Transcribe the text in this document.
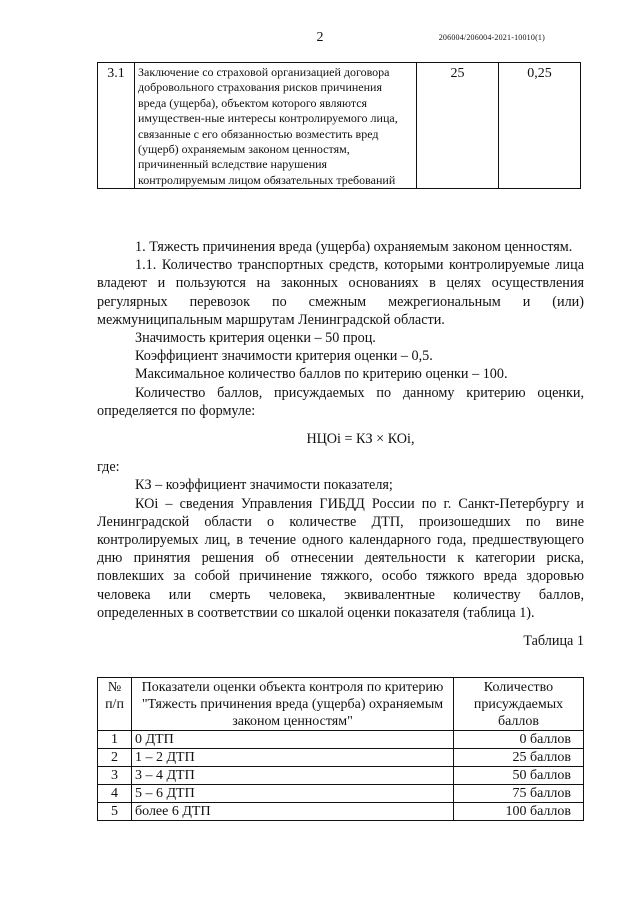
2	206004/206004-2021-10010(1)
3.1	Заключение со страховой организацией договора добровольного страхования рисков причинения вреда (ущерба), объектом которого являются имуществен-ные интересы контролируемого лица, связанные с его обязанностью возместить вред (ущерб) охраняемым законом ценностям, причиненный вследствие нарушения контролируемым лицом обязательных требований	25	0,25

1. Тяжесть причинения вреда (ущерба) охраняемым законом ценностям.

1.1. Количество транспортных средств, которыми контролируемые лица владеют и пользуются на законных основаниях в целях осуществления регулярных перевозок по смежным межрегиональным и (или) межмуниципальным маршрутам Ленинградской области.

Значимость критерия оценки – 50 проц.

Коэффициент значимости критерия оценки – 0,5.

Максимальное количество баллов по критерию оценки – 100.

Количество баллов, присуждаемых по данному критерию оценки, определяется по формуле:

НЦОi = КЗ × КОi,

где:

КЗ – коэффициент значимости показателя;

КОi – сведения Управления ГИБДД России по г. Санкт-Петербургу и Ленинградской области о количестве ДТП, произошедших по вине контролируемых лиц, в течение одного календарного года, предшествующего дню принятия решения об отнесении деятельности к категории риска, повлекших за собой причинение тяжкого, особо тяжкого вреда здоровью человека или смерть человека, эквивалентные количеству баллов, определенных в соответствии со шкалой оценки показателя (таблица 1).

Таблица 1

№ п/п	Показатели оценки объекта контроля по критерию "Тяжесть причинения вреда (ущерба) охраняемым законом ценностям"	Количество присуждаемых баллов
1	0 ДТП	0 баллов
2	1 – 2 ДТП	25 баллов
3	3 – 4 ДТП	50 баллов
4	5 – 6 ДТП	75 баллов
5	более 6 ДТП	100 баллов
